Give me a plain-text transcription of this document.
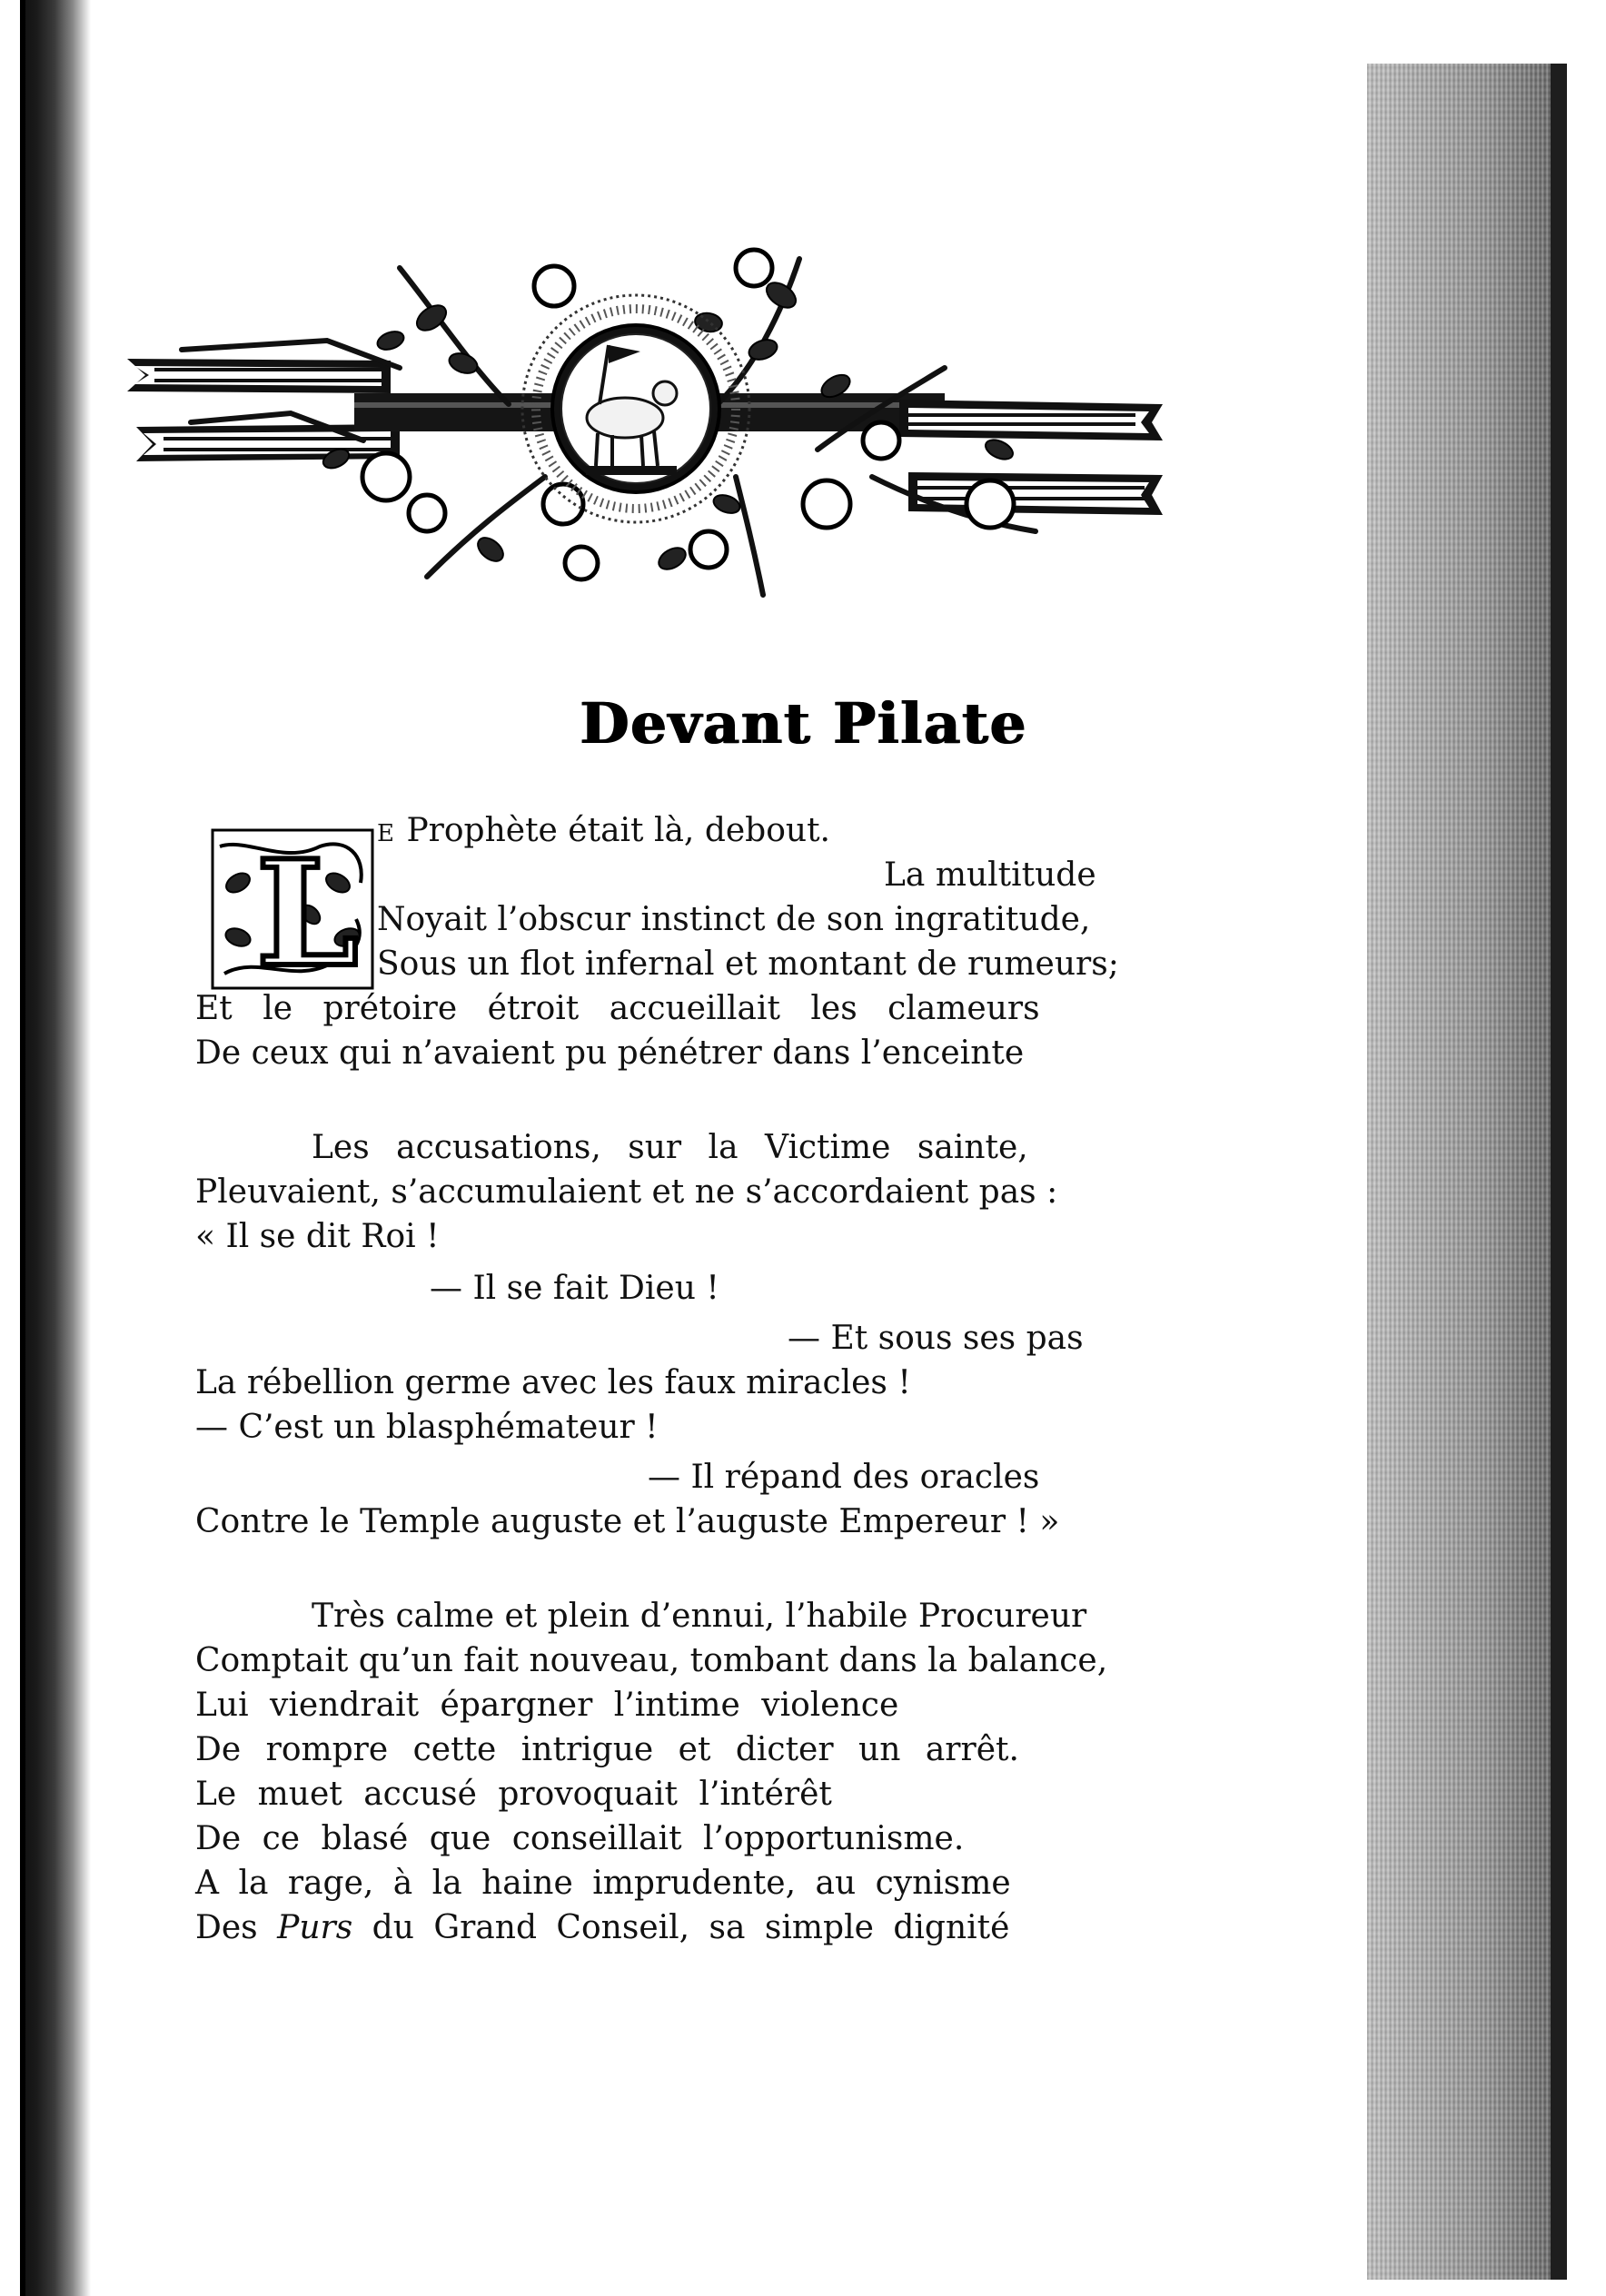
Devant Pilate
L E Prophète était là, debout.
La multitude
Noyait l’obscur instinct de son ingratitude,
Sous un flot infernal et montant de rumeurs;
Et le prétoire étroit accueillait les clameurs
De ceux qui n’avaient pu pénétrer dans l’enceinte
Les accusations, sur la Victime sainte,
Pleuvaient, s’accumulaient et ne s’accordaient pas :
« Il se dit Roi !
— Il se fait Dieu !
— Et sous ses pas
La rébellion germe avec les faux miracles !
— C’est un blasphémateur !
— Il répand des oracles
Contre le Temple auguste et l’auguste Empereur ! »
Très calme et plein d’ennui, l’habile Procureur
Comptait qu’un fait nouveau, tombant dans la balance,
Lui viendrait épargner l’intime violence
De rompre cette intrigue et dicter un arrêt.
Le muet accusé provoquait l’intérêt
De ce blasé que conseillait l’opportunisme.
A la rage, à la haine imprudente, au cynisme
Des Purs du Grand Conseil, sa simple dignité
